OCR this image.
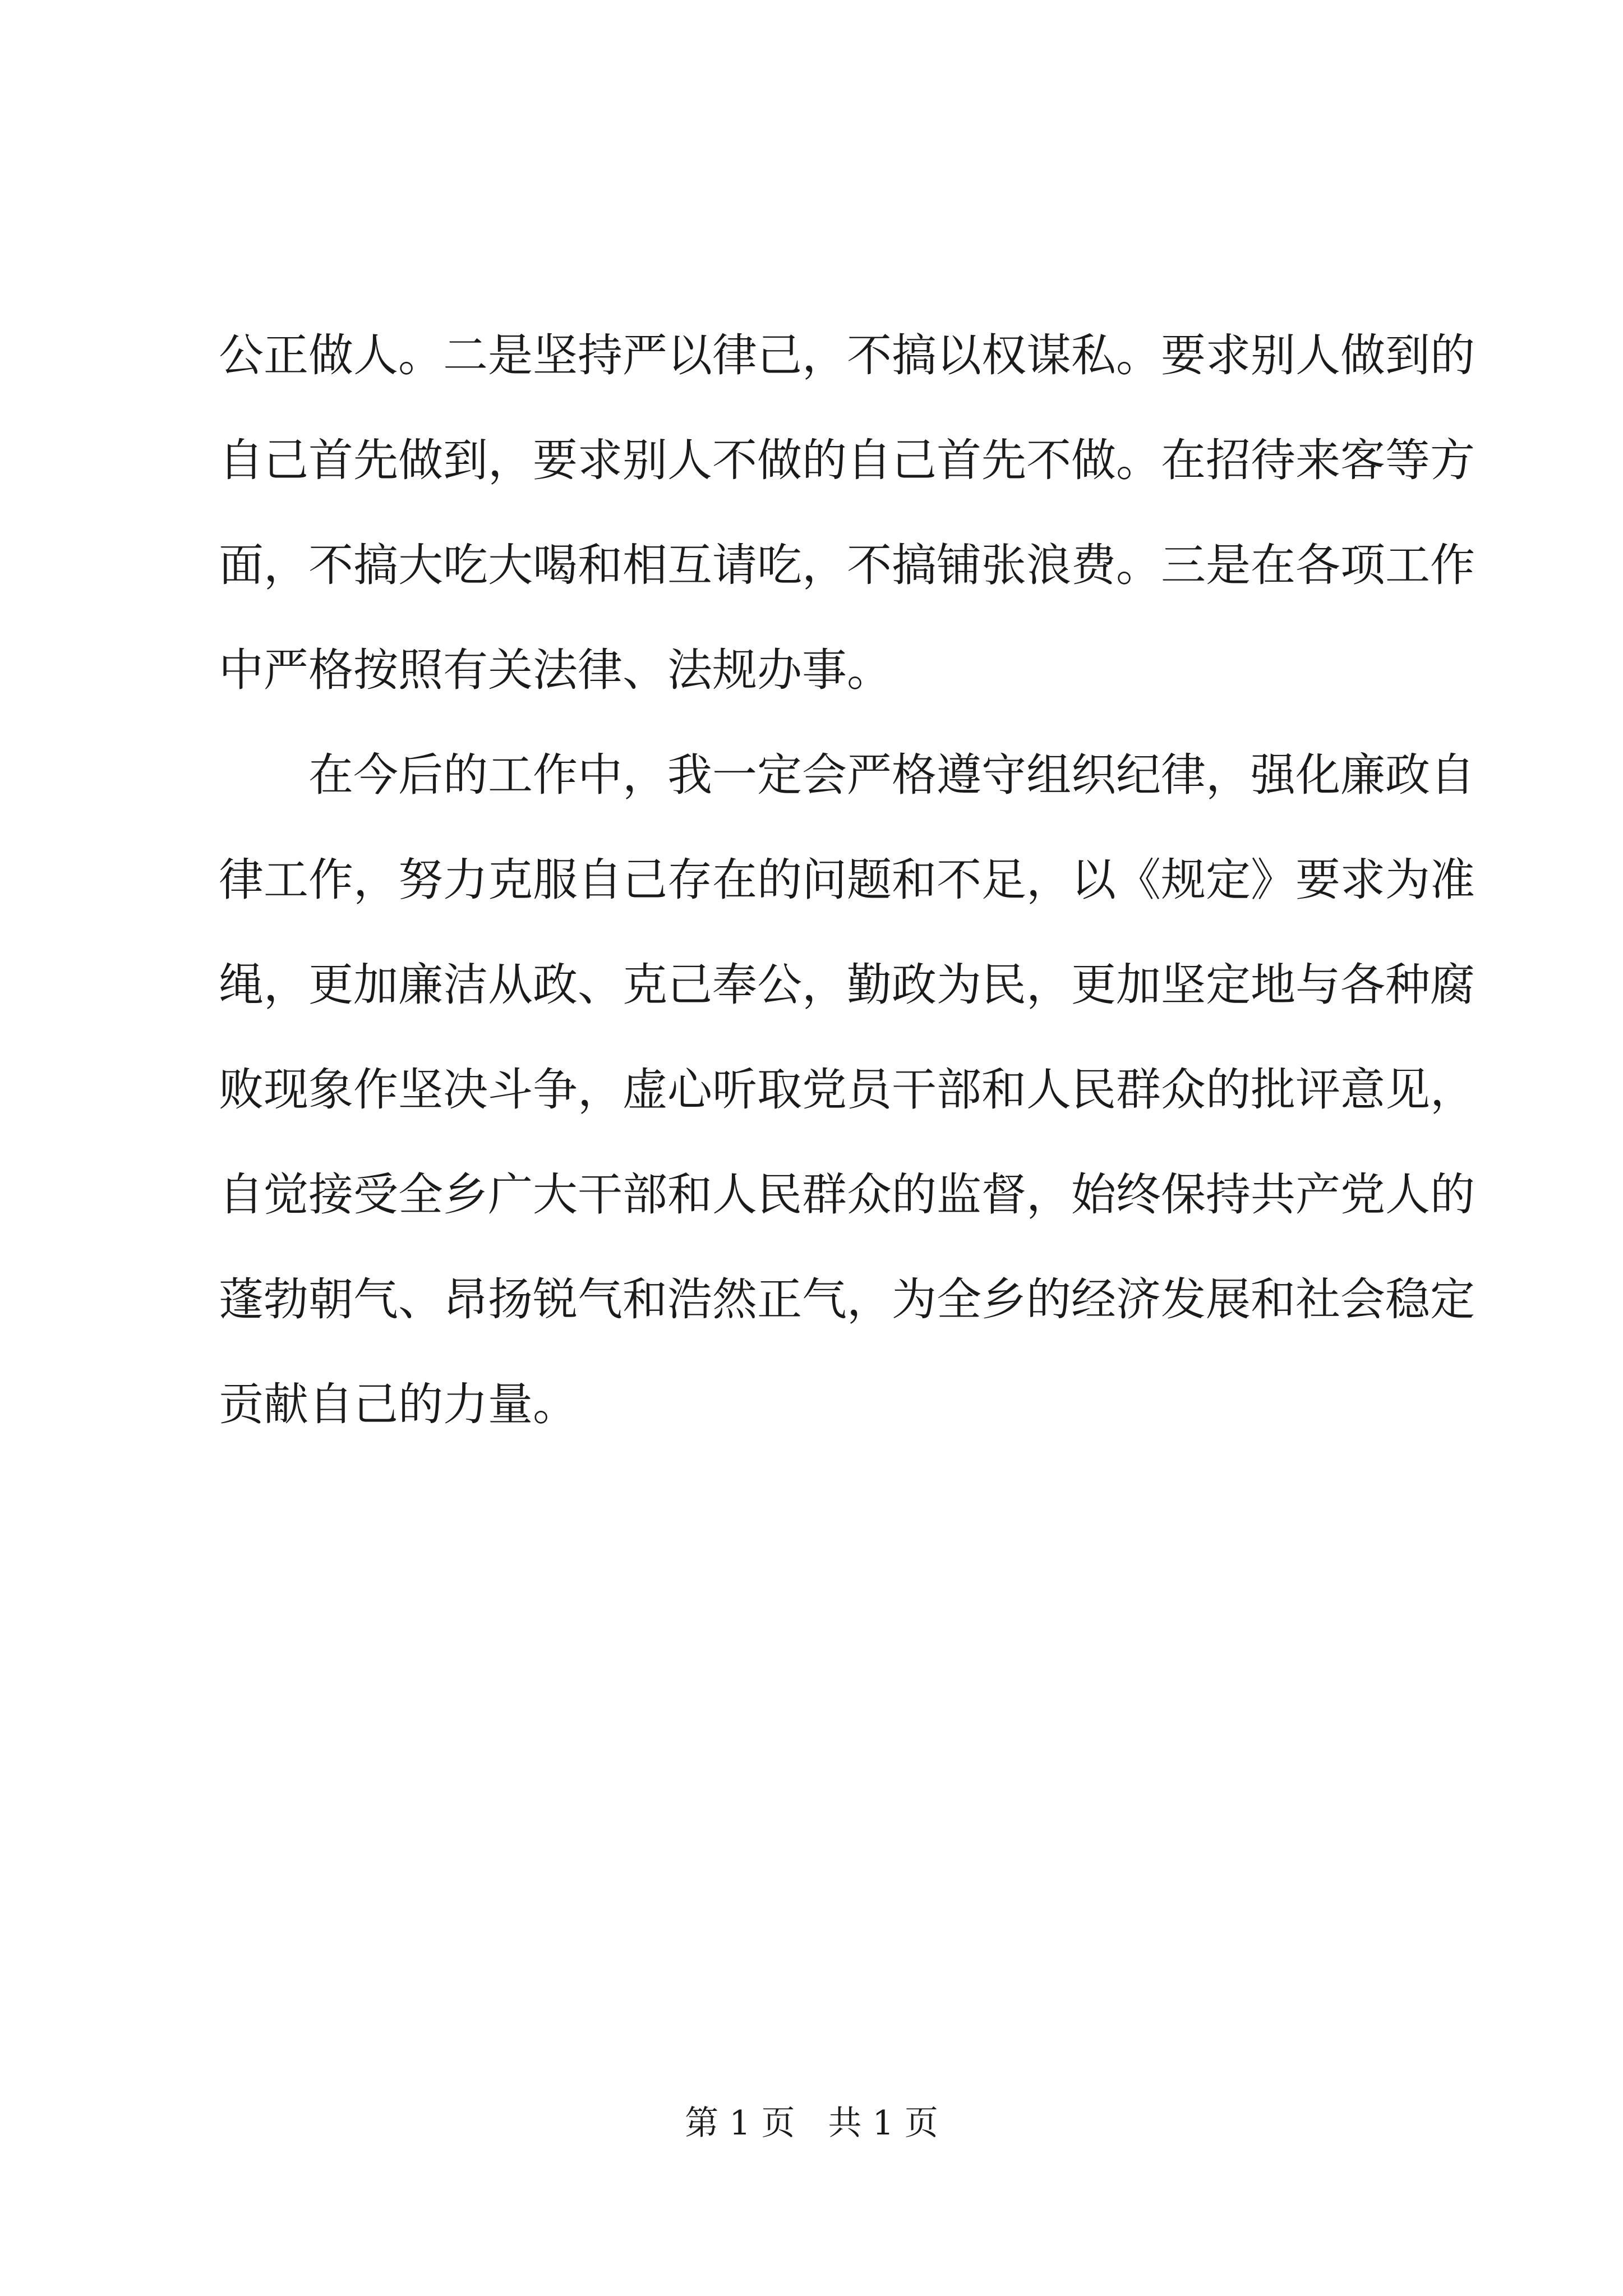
公正做人。二是坚持严以律己，不搞以权谋私。要求别人做到的
自己首先做到，要求别人不做的自己首先不做。在招待来客等方
面，不搞大吃大喝和相互请吃，不搞铺张浪费。三是在各项工作
中严格按照有关法律、法规办事。
在今后的工作中，我一定会严格遵守组织纪律，强化廉政自
律工作，努力克服自己存在的问题和不足，以《规定》要求为准
绳，更加廉洁从政、克己奉公，勤政为民，更加坚定地与各种腐
败现象作坚决斗争，虚心听取党员干部和人民群众的批评意见，
自觉接受全乡广大干部和人民群众的监督，始终保持共产党人的
蓬勃朝气、昂扬锐气和浩然正气，为全乡的经济发展和社会稳定
贡献自己的力量。
第 1 页 共 1 页
